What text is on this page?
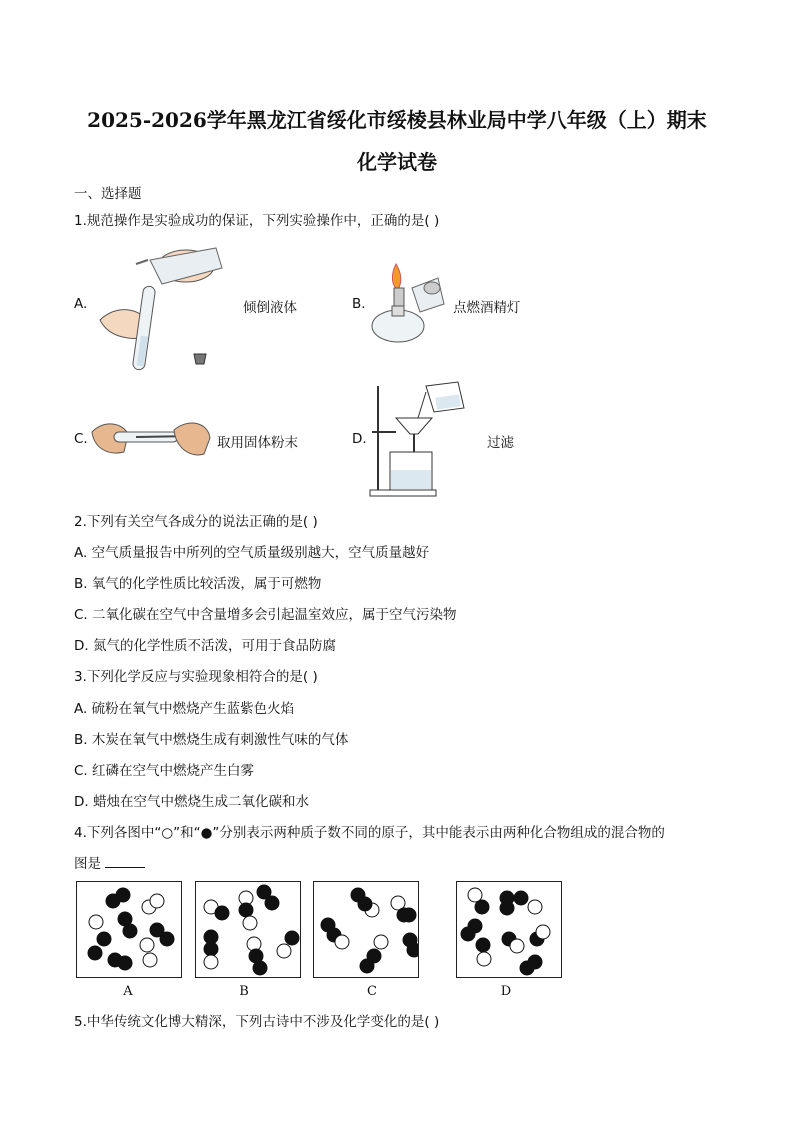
2025-2026学年黑龙江省绥化市绥棱县林业局中学八年级（上）期末
化学试卷
一、选择题
1.规范操作是实验成功的保证，下列实验操作中，正确的是( )
A.	倾倒液体	B.	点燃酒精灯
C.	取用固体粉末	D.	过滤
2.下列有关空气各成分的说法正确的是( )
A. 空气质量报告中所列的空气质量级别越大，空气质量越好
B. 氧气的化学性质比较活泼，属于可燃物
C. 二氧化碳在空气中含量增多会引起温室效应，属于空气污染物
D. 氮气的化学性质不活泼，可用于食品防腐
3.下列化学反应与实验现象相符合的是( )
A. 硫粉在氧气中燃烧产生蓝紫色火焰
B. 木炭在氧气中燃烧生成有刺激性气味的气体
C. 红磷在空气中燃烧产生白雾
D. 蜡烛在空气中燃烧生成二氧化碳和水
4.下列各图中“○”和“●”分别表示两种质子数不同的原子，其中能表示由两种化合物组成的混合物的
图是
A	B	C	D
5.中华传统文化博大精深，下列古诗中不涉及化学变化的是( )
